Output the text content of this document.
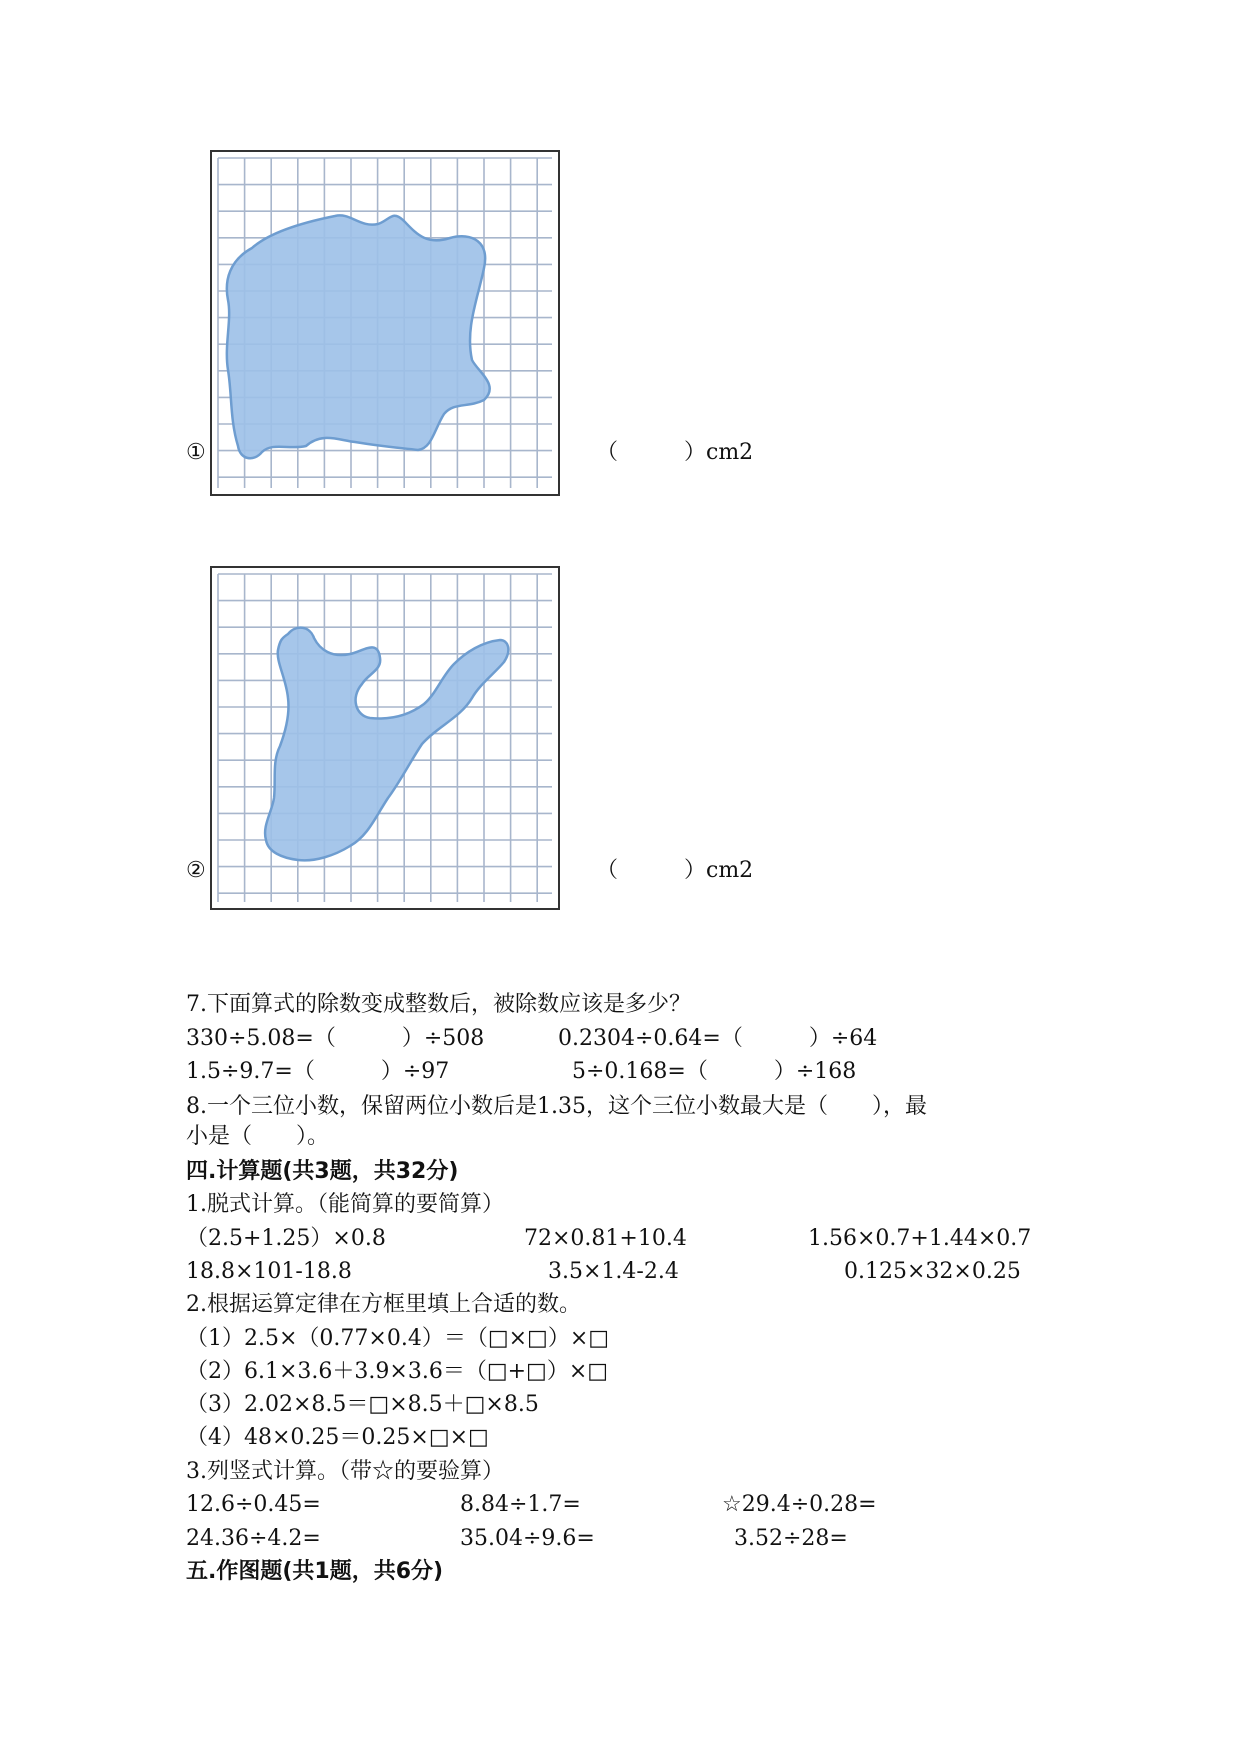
①	（　　　）cm2
②	（　　　）cm2
7.下面算式的除数变成整数后，被除数应该是多少？
330÷5.08=（　　　）÷508	0.2304÷0.64=（　　　）÷64
1.5÷9.7=（　　　）÷97	5÷0.168=（　　　）÷168
8.一个三位小数，保留两位小数后是1.35，这个三位小数最大是（　　），最
小是（　　）。
四.计算题(共3题，共32分)
1.脱式计算。（能简算的要简算）
（2.5+1.25）×0.8	72×0.81+10.4	1.56×0.7+1.44×0.7
18.8×101-18.8	3.5×1.4-2.4	0.125×32×0.25
2.根据运算定律在方框里填上合适的数。
（1）2.5×（0.77×0.4）＝（□×□）×□
（2）6.1×3.6＋3.9×3.6＝（□+□）×□
（3）2.02×8.5＝□×8.5＋□×8.5
（4）48×0.25＝0.25×□×□
3.列竖式计算。（带☆的要验算）
12.6÷0.45=	8.84÷1.7=	☆29.4÷0.28=
24.36÷4.2=	35.04÷9.6=	3.52÷28=
五.作图题(共1题，共6分)
